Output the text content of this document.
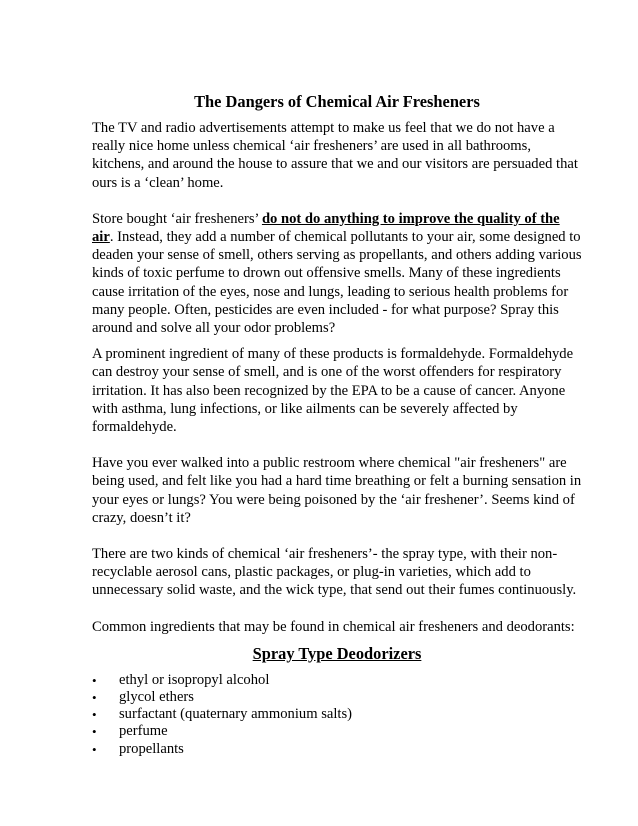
The Dangers of Chemical Air Fresheners

The TV and radio advertisements attempt to make us feel that we do not have a really nice home unless chemical ‘air fresheners’ are used in all bathrooms, kitchens, and around the house to assure that we and our visitors are persuaded that ours is a ‘clean’ home.

Store bought ‘air fresheners’ do not do anything to improve the quality of the air. Instead, they add a number of chemical pollutants to your air, some designed to deaden your sense of smell, others serving as propellants, and others adding various kinds of toxic perfume to drown out offensive smells. Many of these ingredients cause irritation of the eyes, nose and lungs, leading to serious health problems for many people. Often, pesticides are even included - for what purpose? Spray this around and solve all your odor problems?

A prominent ingredient of many of these products is formaldehyde. Formaldehyde can destroy your sense of smell, and is one of the worst offenders for respiratory irritation. It has also been recognized by the EPA to be a cause of cancer. Anyone with asthma, lung infections, or like ailments can be severely affected by formaldehyde.

Have you ever walked into a public restroom where chemical "air fresheners" are being used, and felt like you had a hard time breathing or felt a burning sensation in your eyes or lungs? You were being poisoned by the ‘air freshener’. Seems kind of crazy, doesn’t it?

There are two kinds of chemical ‘air fresheners’- the spray type, with their non-recyclable aerosol cans, plastic packages, or plug-in varieties, which add to unnecessary solid waste, and the wick type, that send out their fumes continuously.

Common ingredients that may be found in chemical air fresheners and deodorants:

Spray Type Deodorizers
•	ethyl or isopropyl alcohol
•	glycol ethers
•	surfactant (quaternary ammonium salts)
•	perfume
•	propellants
